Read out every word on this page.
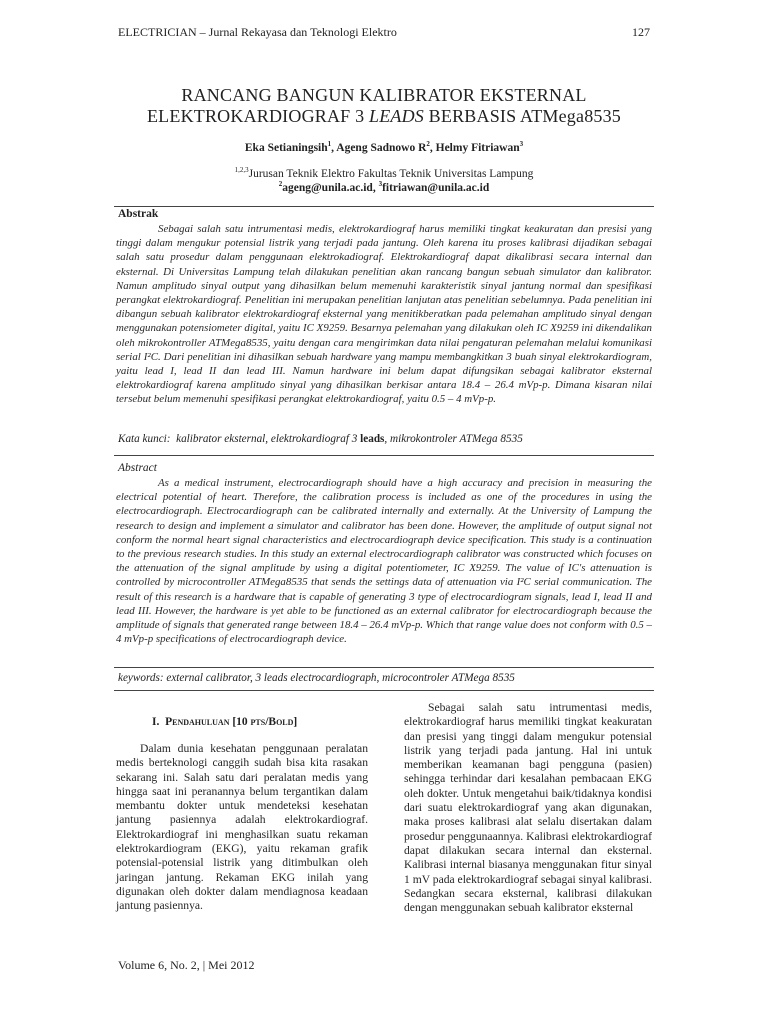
ELECTRICIAN – Jurnal Rekayasa dan Teknologi Elektro	127
RANCANG BANGUN KALIBRATOR EKSTERNAL
ELEKTROKARDIOGRAF 3 LEADS BERBASIS ATMega8535
Eka Setianingsih$^1$, Ageng Sadnowo $R^2$, Helmy Fitriawan$^3$
$^{1,2,3}$Jurusan Teknik Elektro Fakultas Teknik Universitas Lampung
$^2$ageng@unila.ac.id, $^3$fitriawan@unila.ac.id
Abstrak
Sebagai salah satu intrumentasi medis, elektrokardiograf harus memiliki tingkat keakuratan dan presisi yang tinggi dalam mengukur potensial listrik yang terjadi pada jantung. Oleh karena itu proses kalibrasi dijadikan sebagai salah satu prosedur dalam penggunaan elektrokadiograf. Elektrokardiograf dapat dikalibrasi secara internal dan eksternal. Di Universitas Lampung telah dilakukan penelitian akan rancang bangun sebuah simulator dan kalibrator. Namun amplitudo sinyal output yang dihasilkan belum memenuhi karakteristik sinyal jantung normal dan spesifikasi perangkat elektrokardiograf. Penelitian ini merupakan penelitian lanjutan atas penelitian sebelumnya. Pada penelitian ini dibangun sebuah kalibrator elektrokardiograf eksternal yang menitikberatkan pada pelemahan amplitudo sinyal dengan menggunakan potensiometer digital, yaitu IC X9259. Besarnya pelemahan yang dilakukan oleh IC X9259 ini dikendalikan oleh mikrokontroller ATMega8535, yaitu dengan cara mengirimkan data nilai pengaturan pelemahan melalui komunikasi serial I²C. Dari penelitian ini dihasilkan sebuah hardware yang mampu membangkitkan 3 buah sinyal elektrokardiogram, yaitu lead I, lead II dan lead III. Namun hardware ini belum dapat difungsikan sebagai kalibrator eksternal elektrokardiograf karena amplitudo sinyal yang dihasilkan berkisar antara 18.4 – 26.4 mVp-p. Dimana kisaran nilai tersebut belum memenuhi spesifikasi perangkat elektrokardiograf, yaitu 0.5 – 4 mVp-p.
Kata kunci:  kalibrator eksternal, elektrokardiograf 3 leads, mikrokontroler ATMega 8535
Abstract
As a medical instrument, electrocardiograph should have a high accuracy and precision in measuring the electrical potential of heart. Therefore, the calibration process is included as one of the procedures in using the electrocardiograph. Electrocardiograph can be calibrated internally and externally. At the University of Lampung the research to design and implement a simulator and calibrator has been done. However, the amplitude of output signal not conform the normal heart signal characteristics and electrocardiograph device specification. This study is a continuation to the previous research studies. In this study an external electrocardiograph calibrator was constructed which focuses on the attenuation of the signal amplitude by using a digital potentiometer, IC X9259. The value of IC's attenuation is controlled by microcontroller ATMega8535 that sends the settings data of attenuation via I²C serial communication. The result of this research is a hardware that is capable of generating 3 type of electrocardiogram signals, lead I, lead II and lead III. However, the hardware is yet able to be functioned as an external calibrator for electrocardiograph because the amplitude of signals that generated range between 18.4 – 26.4 mVp-p. Which that range value does not conform with 0.5 – 4 mVp-p specifications of electrocardiograph device.
keywords: external calibrator, 3 leads electrocardiograph, microcontroler ATMega 8535
I. Pendahuluan [10 pts/Bold]
Dalam dunia kesehatan penggunaan peralatan medis berteknologi canggih sudah bisa kita rasakan sekarang ini. Salah satu dari peralatan medis yang hingga saat ini peranannya belum tergantikan dalam membantu dokter untuk mendeteksi kesehatan jantung pasiennya adalah elektrokardiograf. Elektrokardiograf ini menghasilkan suatu rekaman elektrokardiogram (EKG), yaitu rekaman grafik potensial-potensial listrik yang ditimbulkan oleh jaringan jantung. Rekaman EKG inilah yang digunakan oleh dokter dalam mendiagnosa keadaan jantung pasiennya.
Sebagai salah satu intrumentasi medis, elektrokardiograf harus memiliki tingkat keakuratan dan presisi yang tinggi dalam mengukur potensial listrik yang terjadi pada jantung. Hal ini untuk memberikan keamanan bagi pengguna (pasien) sehingga terhindar dari kesalahan pembacaan EKG oleh dokter. Untuk mengetahui baik/tidaknya kondisi dari suatu elektrokardiograf yang akan digunakan, maka proses kalibrasi alat selalu disertakan dalam prosedur penggunaannya. Kalibrasi elektrokardiograf dapat dilakukan secara internal dan eksternal. Kalibrasi internal biasanya menggunakan fitur sinyal 1 mV pada elektrokardiograf sebagai sinyal kalibrasi. Sedangkan secara eksternal, kalibrasi dilakukan dengan menggunakan sebuah kalibrator eksternal
Volume 6, No. 2, | Mei 2012
